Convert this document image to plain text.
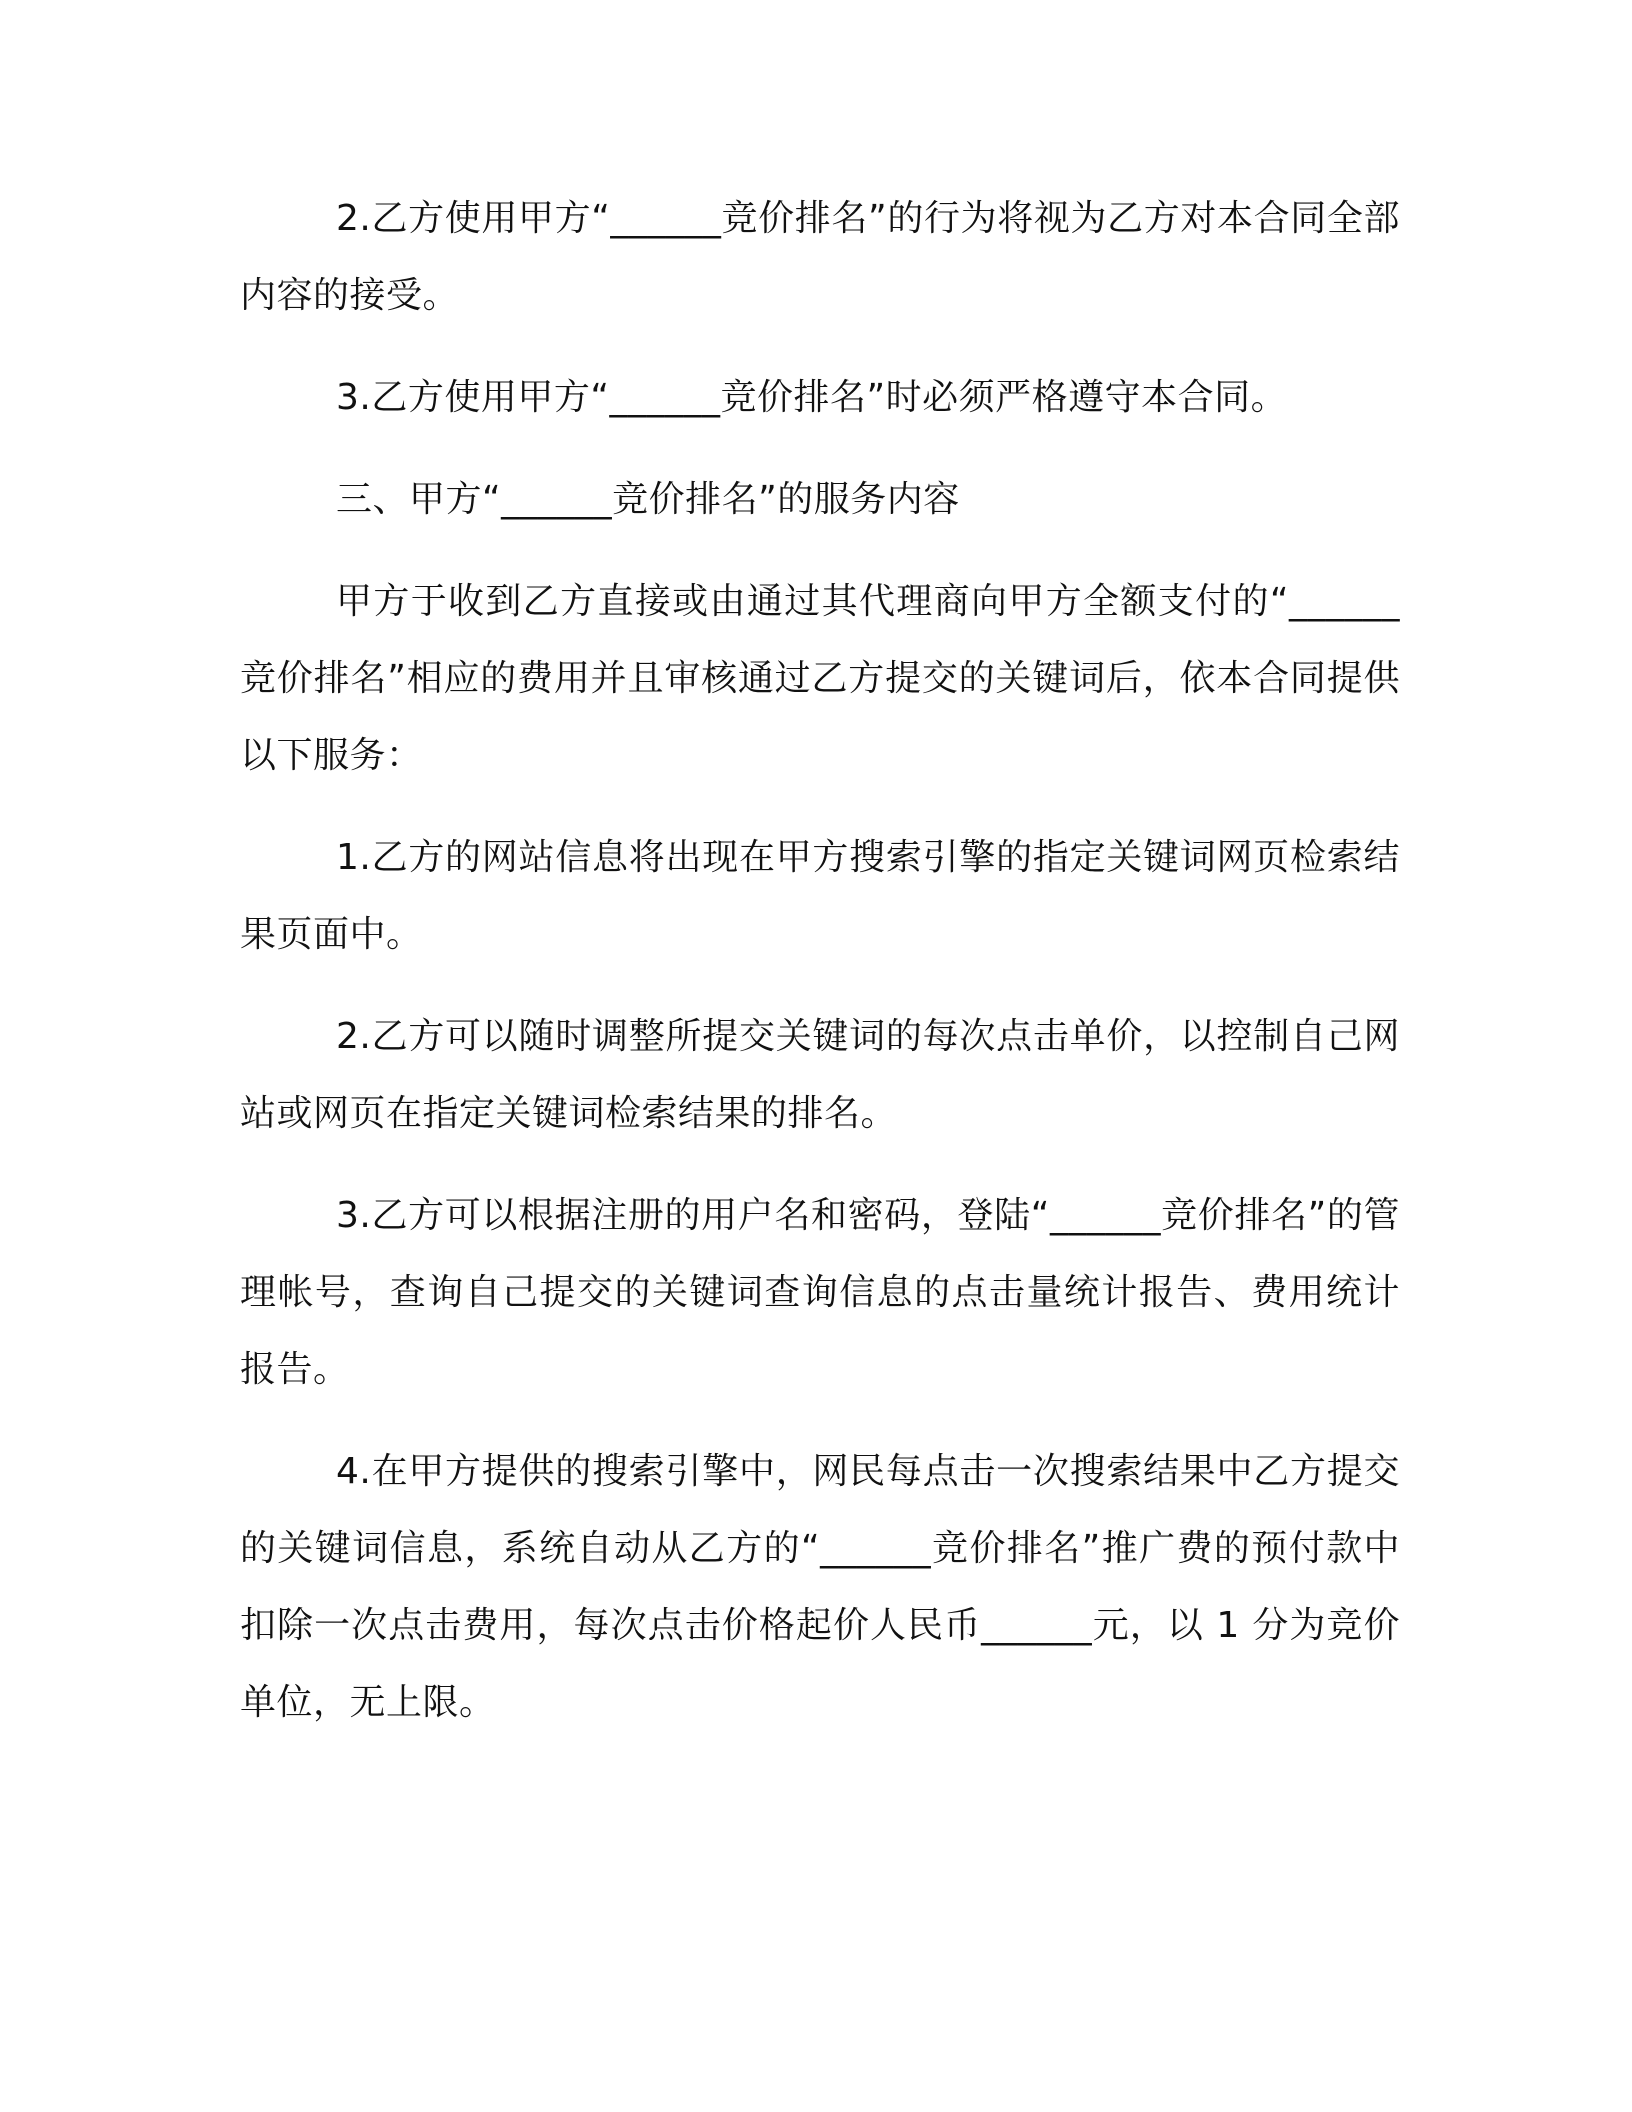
2.乙方使用甲方“______竞价排名”的行为将视为乙方对本合同全部内容的接受。

3.乙方使用甲方“______竞价排名”时必须严格遵守本合同。

三、甲方“______竞价排名”的服务内容

甲方于收到乙方直接或由通过其代理商向甲方全额支付的“______竞价排名”相应的费用并且审核通过乙方提交的关键词后，依本合同提供以下服务：

1.乙方的网站信息将出现在甲方搜索引擎的指定关键词网页检索结果页面中。

2.乙方可以随时调整所提交关键词的每次点击单价，以控制自己网站或网页在指定关键词检索结果的排名。

3.乙方可以根据注册的用户名和密码，登陆“______竞价排名”的管理帐号，查询自己提交的关键词查询信息的点击量统计报告、费用统计报告。

4.在甲方提供的搜索引擎中，网民每点击一次搜索结果中乙方提交的关键词信息，系统自动从乙方的“______竞价排名”推广费的预付款中扣除一次点击费用，每次点击价格起价人民币______元，以 1 分为竞价单位，无上限。
